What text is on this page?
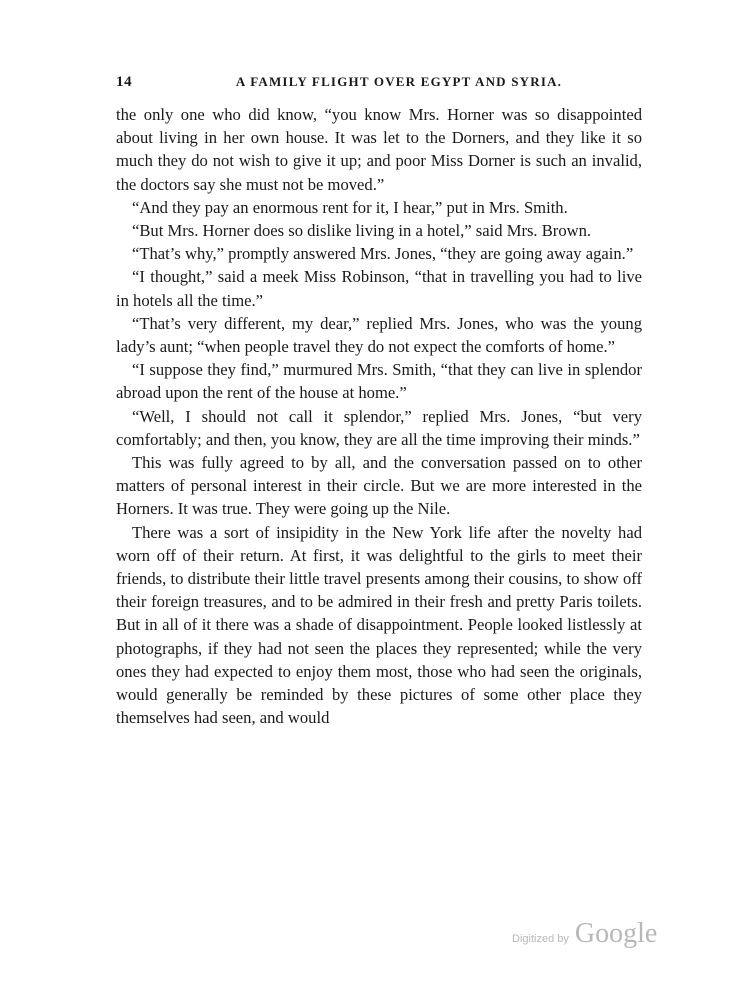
14	A FAMILY FLIGHT OVER EGYPT AND SYRIA.

the only one who did know, “you know Mrs. Horner was so disappointed about living in her own house. It was let to the Dorners, and they like it so much they do not wish to give it up; and poor Miss Dorner is such an invalid, the doctors say she must not be moved.”

“And they pay an enormous rent for it, I hear,” put in Mrs. Smith.

“But Mrs. Horner does so dislike living in a hotel,” said Mrs. Brown.

“That’s why,” promptly answered Mrs. Jones, “they are going away again.”

“I thought,” said a meek Miss Robinson, “that in travelling you had to live in hotels all the time.”

“That’s very different, my dear,” replied Mrs. Jones, who was the young lady’s aunt; “when people travel they do not expect the comforts of home.”

“I suppose they find,” murmured Mrs. Smith, “that they can live in splendor abroad upon the rent of the house at home.”

“Well, I should not call it splendor,” replied Mrs. Jones, “but very comfortably; and then, you know, they are all the time improving their minds.”

This was fully agreed to by all, and the conversation passed on to other matters of personal interest in their circle. But we are more interested in the Horners. It was true. They were going up the Nile.

There was a sort of insipidity in the New York life after the novelty had worn off of their return. At first, it was delightful to the girls to meet their friends, to distribute their little travel presents among their cousins, to show off their foreign treasures, and to be admired in their fresh and pretty Paris toilets. But in all of it there was a shade of disappointment. People looked listlessly at photographs, if they had not seen the places they represented; while the very ones they had expected to enjoy them most, those who had seen the originals, would generally be reminded by these pictures of some other place they themselves had seen, and would

Digitized by Google
